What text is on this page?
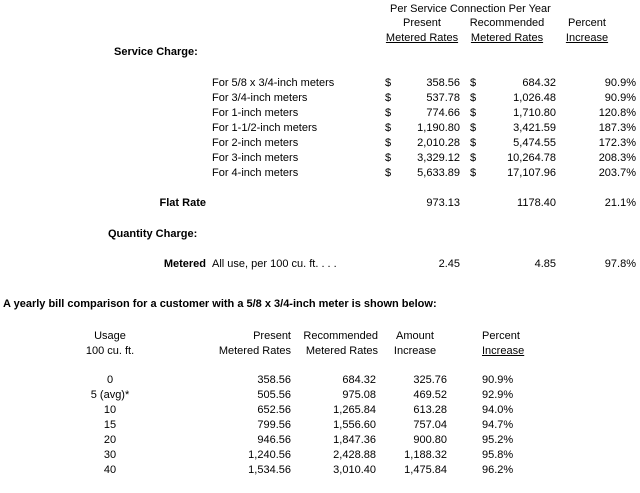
Per Service Connection Per Year
Present
Metered Rates
Recommended
Metered Rates
Percent
Increase
Service Charge:
For 5/8 x 3/4-inch meters	$	358.56 $	684.32	90.9%
For 3/4-inch meters	$	537.78 $	1,026.48	90.9%
For 1-inch meters	$	774.66 $	1,710.80	120.8%
For 1-1/2-inch meters	$	1,190.80 $	3,421.59	187.3%
For 2-inch meters	$	2,010.28 $	5,474.55	172.3%
For 3-inch meters	$	3,329.12 $	10,264.78	208.3%
For 4-inch meters	$	5,633.89 $	17,107.96	203.7%
Flat Rate	973.13	1178.40	21.1%
Quantity Charge:
Metered All use, per 100 cu. ft. . . .	2.45	4.85	97.8%
A yearly bill comparison for a customer with a 5/8 x 3/4-inch meter is shown below:
Usage
100 cu. ft.
Present
Metered Rates
Recommended
Metered Rates
Amount
Increase
Percent
Increase
0	358.56	684.32	325.76	90.9%
5 (avg)*	505.56	975.08	469.52	92.9%
10	652.56	1,265.84	613.28	94.0%
15	799.56	1,556.60	757.04	94.7%
20	946.56	1,847.36	900.80	95.2%
30	1,240.56	2,428.88	1,188.32	95.8%
40	1,534.56	3,010.40	1,475.84	96.2%
